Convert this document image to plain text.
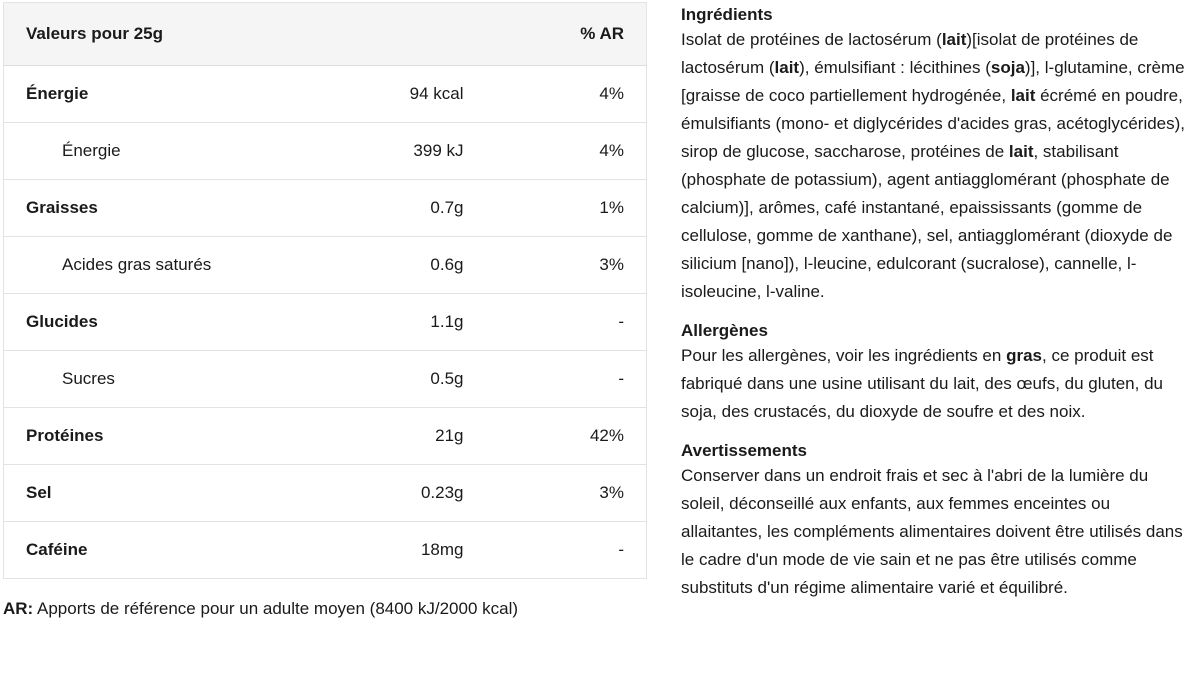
Valeurs pour 25g		% AR
Énergie	94 kcal	4%
Énergie	399 kJ	4%
Graisses	0.7g	1%
Acides gras saturés	0.6g	3%
Glucides	1.1g	-
Sucres	0.5g	-
Protéines	21g	42%
Sel	0.23g	3%
Caféine	18mg	-
AR: Apports de référence pour un adulte moyen (8400 kJ/2000 kcal)
Ingrédients

Isolat de protéines de lactosérum (lait)[isolat de protéines de lactosérum (lait), émulsifiant : lécithines (soja)], l-glutamine, crème [graisse de coco partiellement hydrogénée, lait écrémé en poudre, émulsifiants (mono- et diglycérides d'acides gras, acétoglycérides), sirop de glucose, saccharose, protéines de lait, stabilisant (phosphate de potassium), agent antiagglomérant (phosphate de calcium)], arômes, café instantané, epaississants (gomme de cellulose, gomme de xanthane), sel, antiagglomérant (dioxyde de silicium [nano]), l-leucine, edulcorant (sucralose), cannelle, l-isoleucine, l-valine.

Allergènes

Pour les allergènes, voir les ingrédients en gras, ce produit est fabriqué dans une usine utilisant du lait, des œufs, du gluten, du soja, des crustacés, du dioxyde de soufre et des noix.

Avertissements

Conserver dans un endroit frais et sec à l'abri de la lumière du soleil, déconseillé aux enfants, aux femmes enceintes ou allaitantes, les compléments alimentaires doivent être utilisés dans le cadre d'un mode de vie sain et ne pas être utilisés comme substituts d'un régime alimentaire varié et équilibré.
